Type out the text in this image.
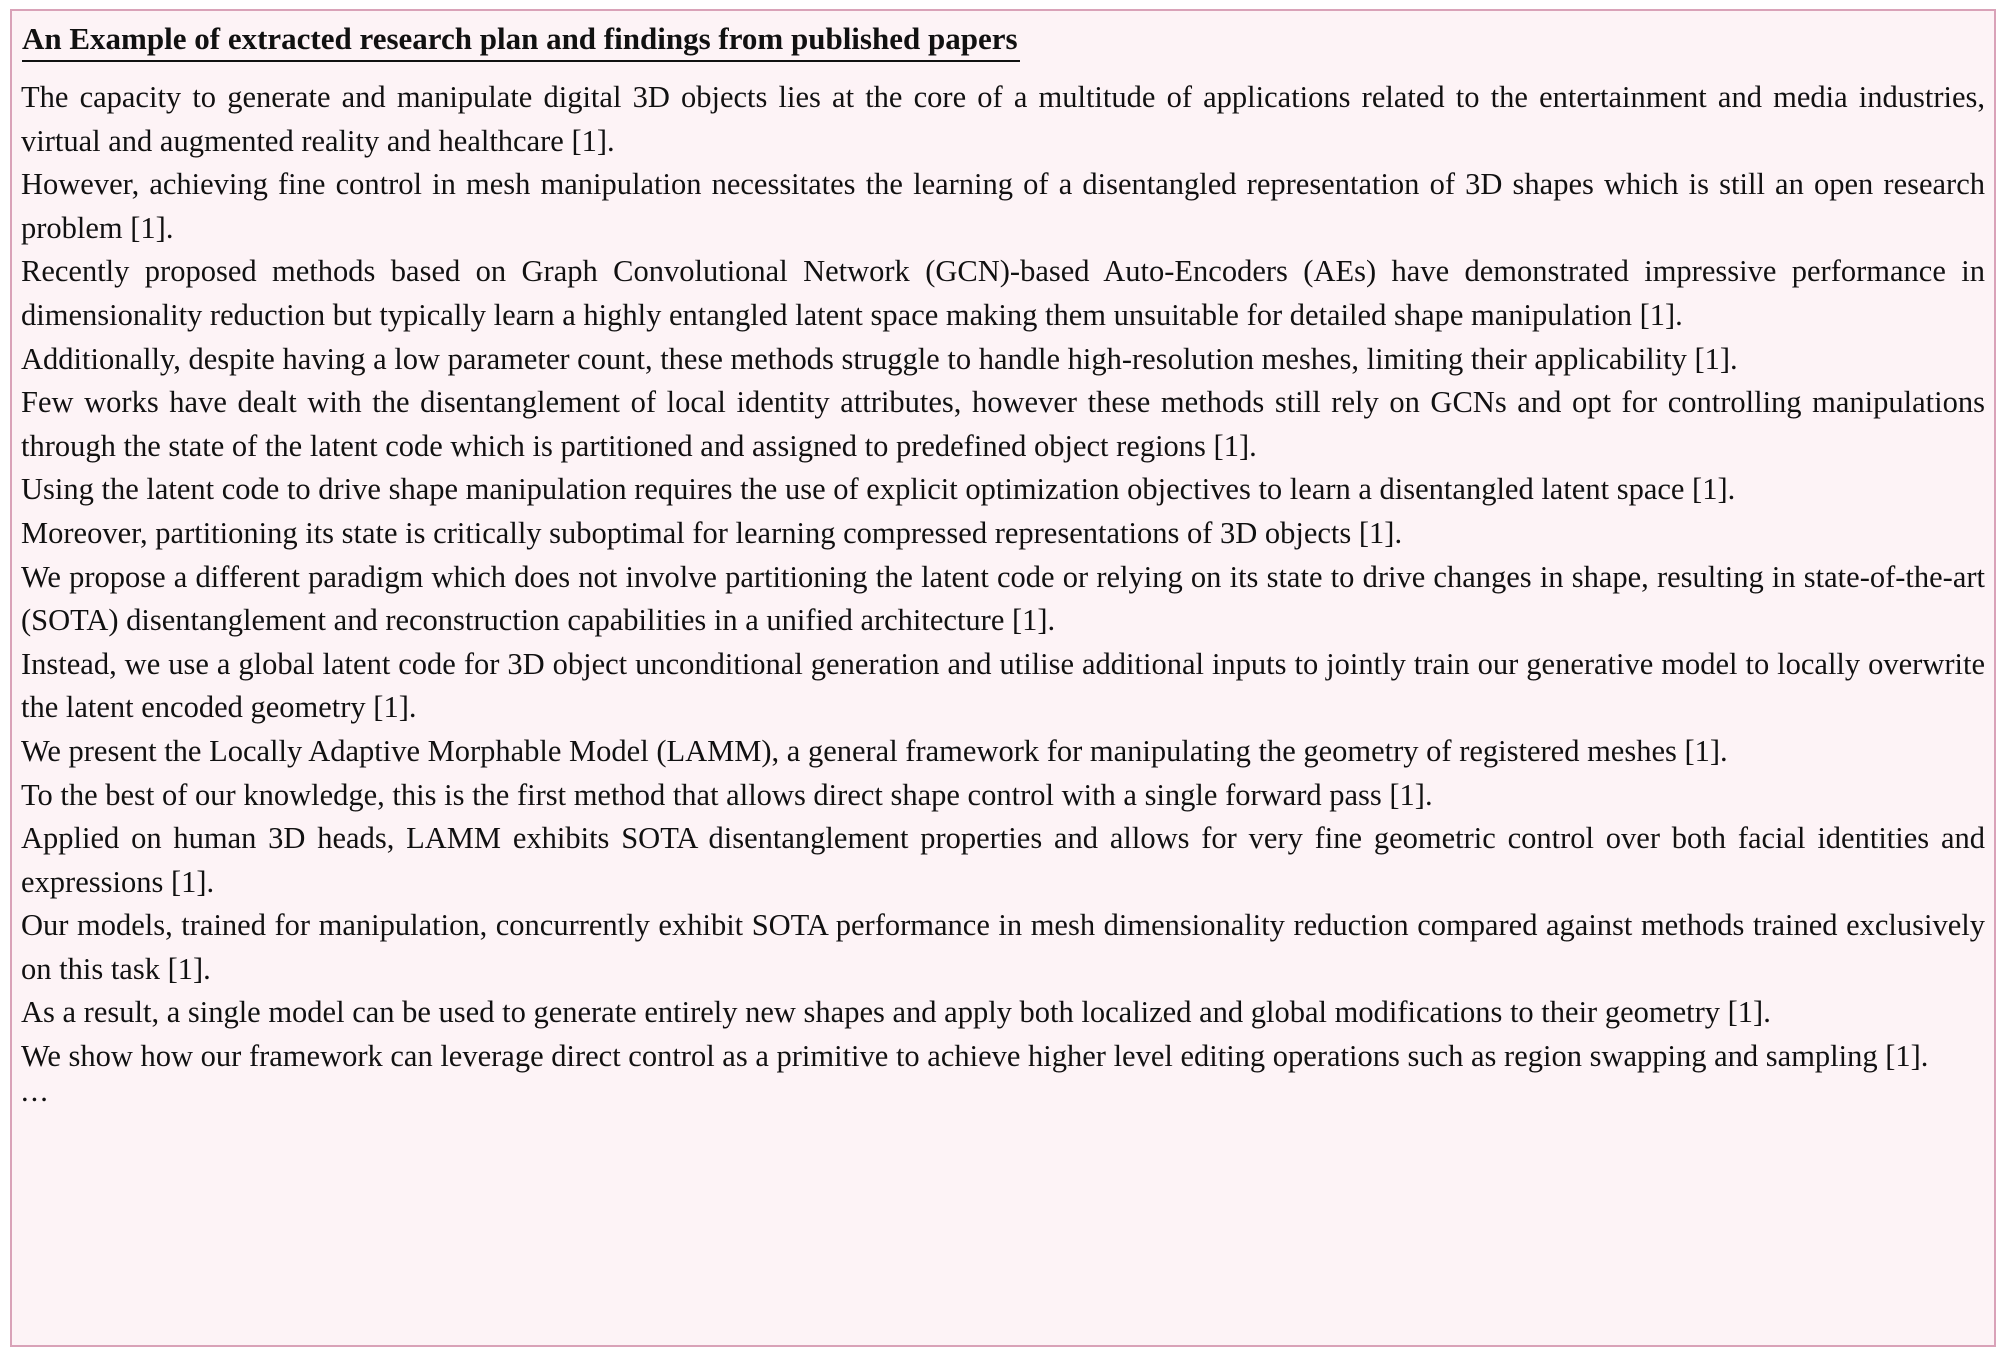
An Example of extracted research plan and findings from published papers

The capacity to generate and manipulate digital 3D objects lies at the core of a multitude of applications related to the entertainment and media industries, virtual and augmented reality and healthcare [1].

However, achieving fine control in mesh manipulation necessitates the learning of a disentangled representation of 3D shapes which is still an open research problem [1].

Recently proposed methods based on Graph Convolutional Network (GCN)-based Auto-Encoders (AEs) have demonstrated impressive performance in dimensionality reduction but typically learn a highly entangled latent space making them unsuitable for detailed shape manipulation [1].

Additionally, despite having a low parameter count, these methods struggle to handle high-resolution meshes, limiting their applicability [1].

Few works have dealt with the disentanglement of local identity attributes, however these methods still rely on GCNs and opt for controlling manipulations through the state of the latent code which is partitioned and assigned to predefined object regions [1].

Using the latent code to drive shape manipulation requires the use of explicit optimization objectives to learn a disentangled latent space [1].

Moreover, partitioning its state is critically suboptimal for learning compressed representations of 3D objects [1].

We propose a different paradigm which does not involve partitioning the latent code or relying on its state to drive changes in shape, resulting in state-of-the-art (SOTA) disentanglement and reconstruction capabilities in a unified architecture [1].

Instead, we use a global latent code for 3D object unconditional generation and utilise additional inputs to jointly train our generative model to locally overwrite the latent encoded geometry [1].

We present the Locally Adaptive Morphable Model (LAMM), a general framework for manipulating the geometry of registered meshes [1].

To the best of our knowledge, this is the first method that allows direct shape control with a single forward pass [1].

Applied on human 3D heads, LAMM exhibits SOTA disentanglement properties and allows for very fine geometric control over both facial identities and expressions [1].

Our models, trained for manipulation, concurrently exhibit SOTA performance in mesh dimensionality reduction compared against methods trained exclusively on this task [1].

As a result, a single model can be used to generate entirely new shapes and apply both localized and global modifications to their geometry [1].

We show how our framework can leverage direct control as a primitive to achieve higher level editing operations such as region swapping and sampling [1].

...
